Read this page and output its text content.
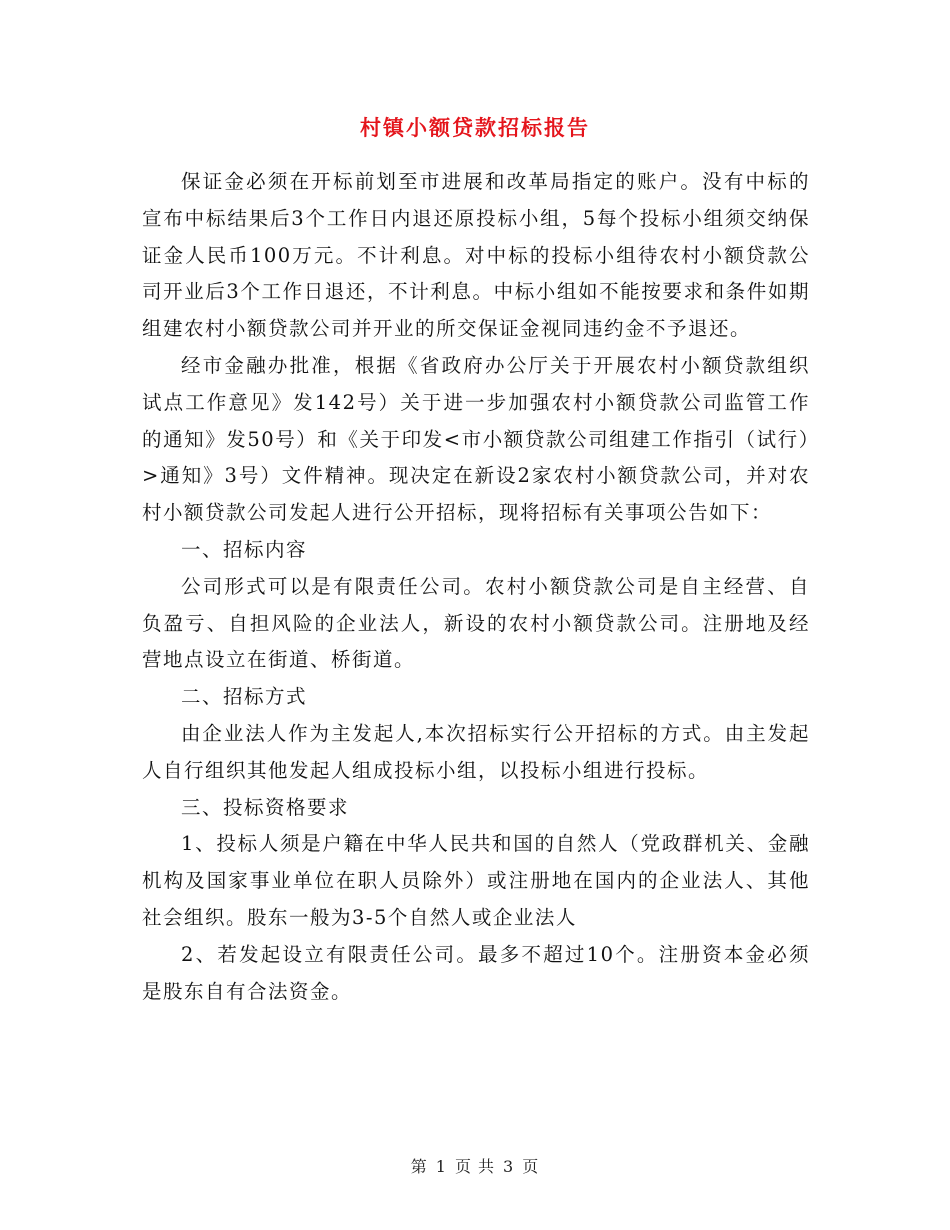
村镇小额贷款招标报告

保证金必须在开标前划至市进展和改革局指定的账户。没有中标的宣布中标结果后3个工作日内退还原投标小组，5每个投标小组须交纳保证金人民币100万元。不计利息。对中标的投标小组待农村小额贷款公司开业后3个工作日退还，不计利息。中标小组如不能按要求和条件如期组建农村小额贷款公司并开业的所交保证金视同违约金不予退还。

经市金融办批准，根据《省政府办公厅关于开展农村小额贷款组织试点工作意见》发142号）关于进一步加强农村小额贷款公司监管工作的通知》发50号）和《关于印发<市小额贷款公司组建工作指引（试行）>通知》3号）文件精神。现决定在新设2家农村小额贷款公司，并对农村小额贷款公司发起人进行公开招标，现将招标有关事项公告如下：

一、招标内容

公司形式可以是有限责任公司。农村小额贷款公司是自主经营、自负盈亏、自担风险的企业法人，新设的农村小额贷款公司。注册地及经营地点设立在街道、桥街道。

二、招标方式

由企业法人作为主发起人,本次招标实行公开招标的方式。由主发起人自行组织其他发起人组成投标小组，以投标小组进行投标。

三、投标资格要求

1、投标人须是户籍在中华人民共和国的自然人（党政群机关、金融机构及国家事业单位在职人员除外）或注册地在国内的企业法人、其他社会组织。股东一般为3-5个自然人或企业法人

2、若发起设立有限责任公司。最多不超过10个。注册资本金必须是股东自有合法资金。

第 1 页 共 3 页
